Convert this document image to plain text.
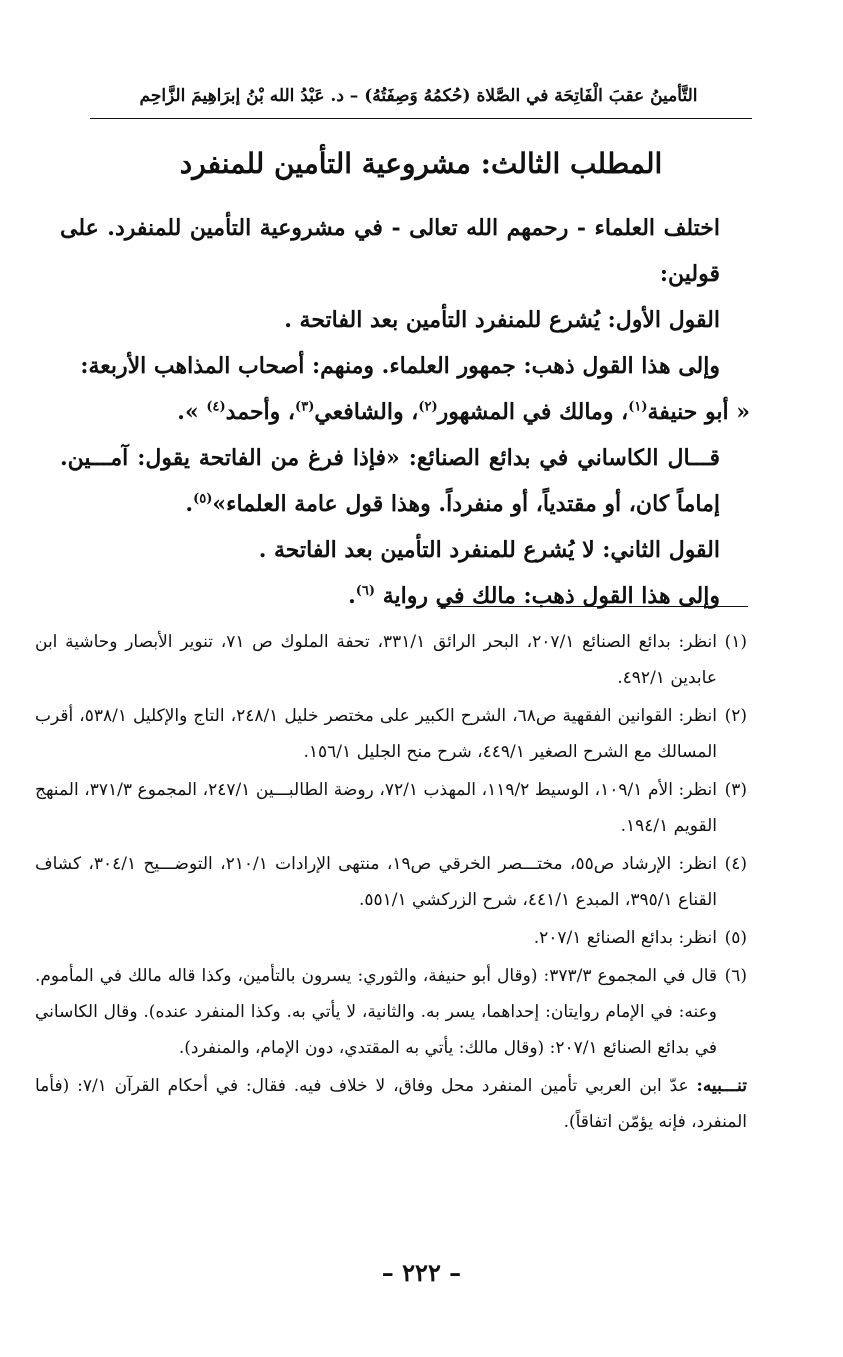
التَّأمينُ عقبَ الْفَاتِحَة في الصَّلاة (حُكمُهُ وَصِفَتُهُ) – د. عَبْدُ الله بْنُ إبرَاهِيمَ الزَّاحِم
المطلب الثالث: مشروعية التأمين للمنفرد

اختلف العلماء - رحمهم الله تعالى - في مشروعية التأمين للمنفرد. على قولين:

القول الأول: يُشرع للمنفرد التأمين بعد الفاتحة .

وإلى هذا القول ذهب: جمهور العلماء. ومنهم: أصحاب المذاهب الأربعة:

« أبو حنيفة$^{(١)}$، ومالك في المشهور$^{(٢)}$، والشافعي$^{(٣)}$، وأحمد$^{(٤)}$ ».

قـــال الكاساني في بدائع الصنائع: «فإذا فرغ من الفاتحة يقول: آمـــين. إماماً كان، أو مقتدياً، أو منفرداً. وهذا قول عامة العلماء»$^{(٥)}$.

القول الثاني: لا يُشرع للمنفرد التأمين بعد الفاتحة .

وإلى هذا القول ذهب: مالك في رواية $^{(٦)}$.

(١)انظر: بدائع الصنائع ٢٠٧/١، البحر الرائق ٣٣١/١، تحفة الملوك ص ٧١، تنوير الأبصار وحاشية ابن عابدين ٤٩٢/١.

(٢)انظر: القوانين الفقهية ص٦٨، الشرح الكبير على مختصر خليل ٢٤٨/١، التاج والإكليل ٥٣٨/١، أقرب المسالك مع الشرح الصغير ٤٤٩/١، شرح منح الجليل ١٥٦/١.

(٣)انظر: الأم ١٠٩/١، الوسيط ١١٩/٢، المهذب ٧٢/١، روضة الطالبـــين ٢٤٧/١، المجموع ٣٧١/٣، المنهج القويم ١٩٤/١.

(٤)انظر: الإرشاد ص٥٥، مختـــصر الخرقي ص١٩، منتهى الإرادات ٢١٠/١، التوضـــيح ٣٠٤/١، كشاف القناع ٣٩٥/١، المبدع ٤٤١/١، شرح الزركشي ٥٥١/١.

(٥)انظر: بدائع الصنائع ٢٠٧/١.

(٦)قال في المجموع ٣٧٣/٣: (وقال أبو حنيفة، والثوري: يسرون بالتأمين، وكذا قاله مالك في المأموم. وعنه: في الإمام روايتان: إحداهما، يسر به. والثانية، لا يأتي به. وكذا المنفرد عنده). وقال الكاساني في بدائع الصنائع ٢٠٧/١: (وقال مالك: يأتي به المقتدي، دون الإمام، والمنفرد).

تنـــبيه: عدّ ابن العربي تأمين المنفرد محل وفاق، لا خلاف فيه. فقال: في أحكام القرآن ٧/١: (فأما المنفرد، فإنه يؤمّن اتفاقاً).

– ٢٢٢ –
